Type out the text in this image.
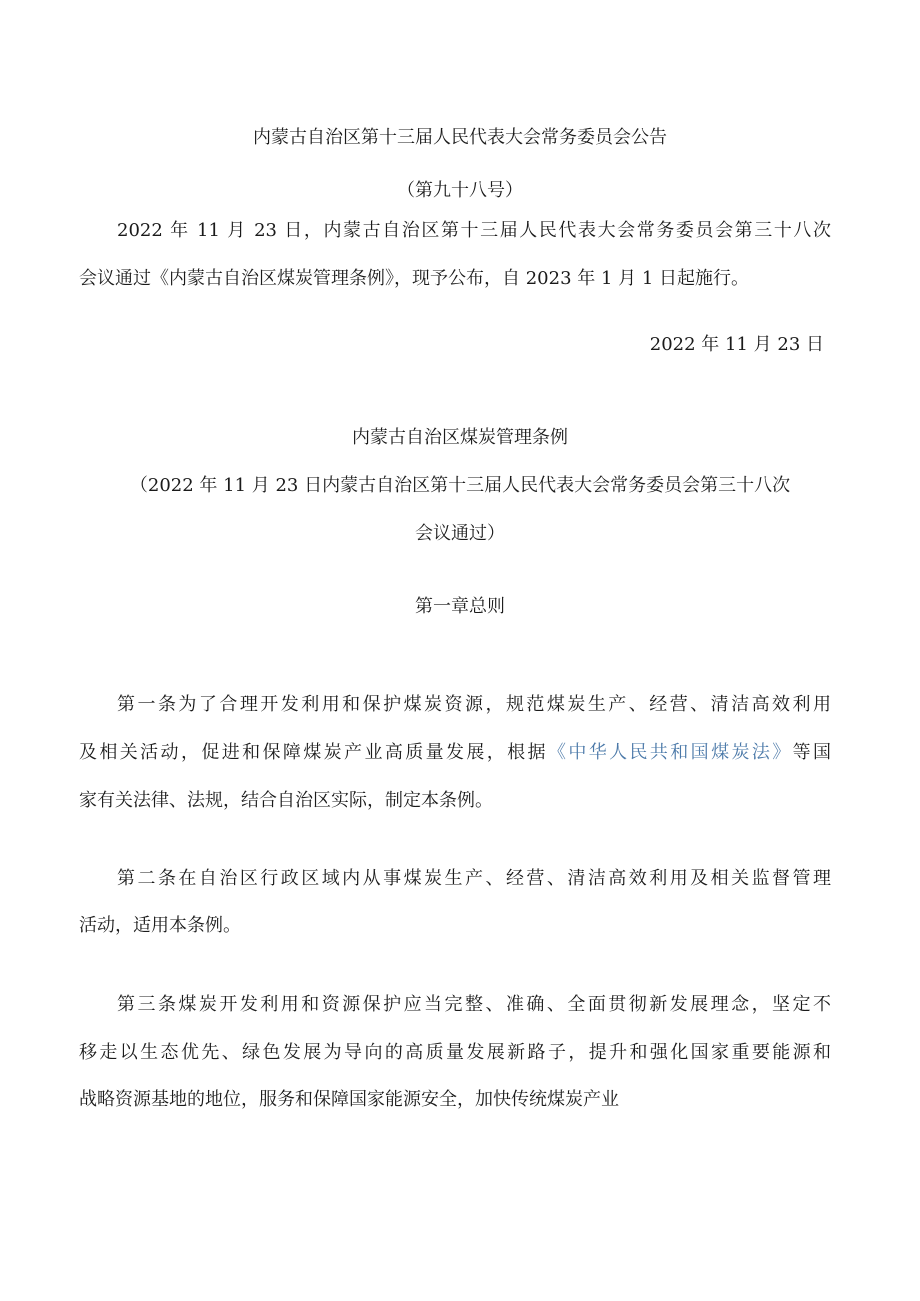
内蒙古自治区第十三届人民代表大会常务委员会公告
（第九十八号）
2022 年 11 月 23 日，内蒙古自治区第十三届人民代表大会常务委员会第三十八次
会议通过《内蒙古自治区煤炭管理条例》，现予公布，自 2023 年 1 月 1 日起施行。
2022 年 11 月 23 日
内蒙古自治区煤炭管理条例
（2022 年 11 月 23 日内蒙古自治区第十三届人民代表大会常务委员会第三十八次
会议通过）
第一章总则
第一条为了合理开发利用和保护煤炭资源，规范煤炭生产、经营、清洁高效利用
及相关活动，促进和保障煤炭产业高质量发展，根据《中华人民共和国煤炭法》等国
家有关法律、法规，结合自治区实际，制定本条例。
第二条在自治区行政区域内从事煤炭生产、经营、清洁高效利用及相关监督管理
活动，适用本条例。
第三条煤炭开发利用和资源保护应当完整、准确、全面贯彻新发展理念，坚定不
移走以生态优先、绿色发展为导向的高质量发展新路子，提升和强化国家重要能源和
战略资源基地的地位，服务和保障国家能源安全，加快传统煤炭产业
